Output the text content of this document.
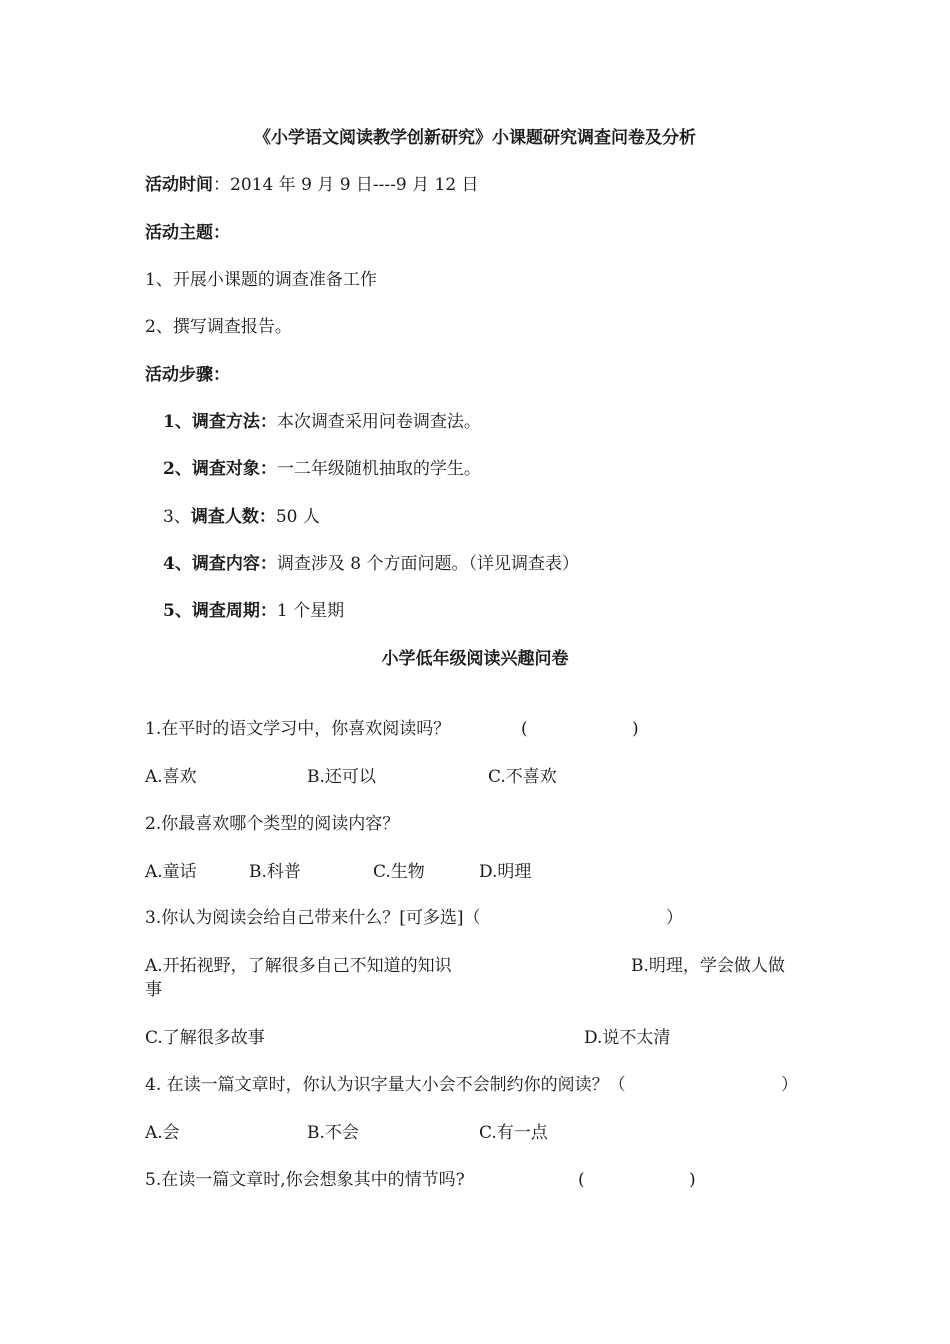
《小学语文阅读教学创新研究》小课题研究调查问卷及分析
活动时间：2014 年 9 月 9 日----9 月 12 日
活动主题：
1、开展小课题的调查准备工作
2、撰写调查报告。
活动步骤：
1、调查方法：本次调查采用问卷调查法。
2、调查对象：一二年级随机抽取的学生。
3、调查人数：50 人
4、调查内容：调查涉及 8 个方面问题。（详见调查表）
5、调查周期：1 个星期
小学低年级阅读兴趣问卷
1.在平时的语文学习中，你喜欢阅读吗？	(	)
A.喜欢	B.还可以	C.不喜欢
2.你最喜欢哪个类型的阅读内容？
A.童话	B.科普	C.生物	D.明理
3.你认为阅读会给自己带来什么？[可多选]（	）
A.开拓视野，了解很多自己不知道的知识	B.明理，学会做人做
事
C.了解很多故事	D.说不太清
4. 在读一篇文章时，你认为识字量大小会不会制约你的阅读？（	）
A.会	B.不会	C.有一点
5.在读一篇文章时,你会想象其中的情节吗?	(	)
